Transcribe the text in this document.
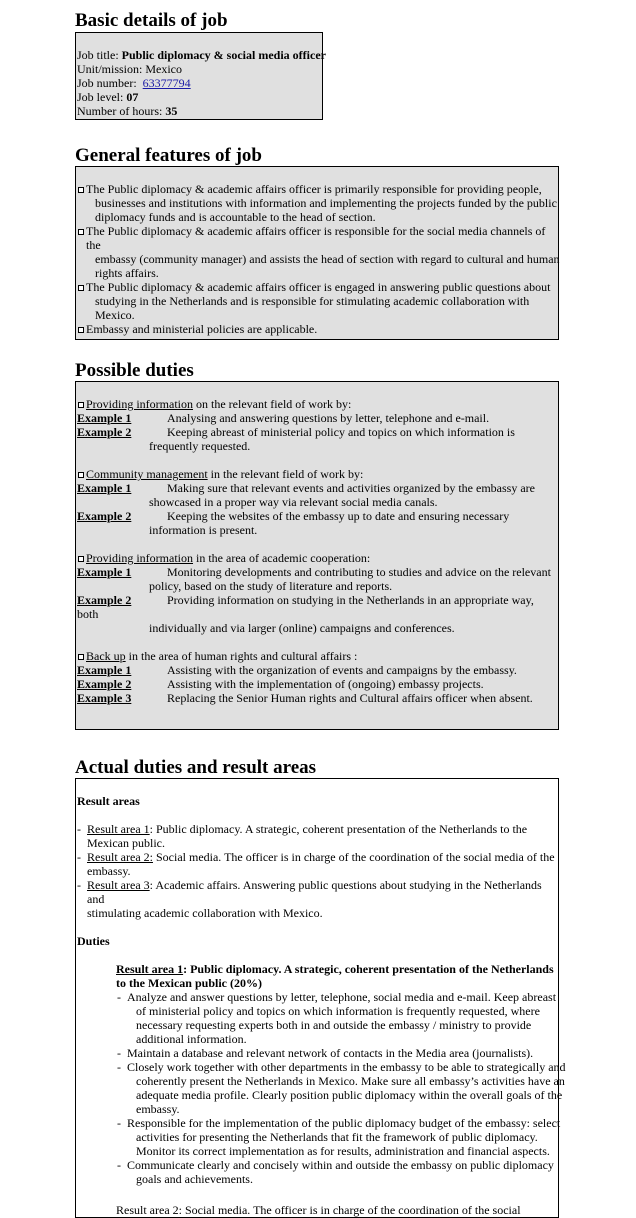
Basic details of job
Job title: Public diplomacy & social media officer
Unit/mission: Mexico
Job number: 63377794
Job level: 07
Number of hours: 35
General features of job
The Public diplomacy & academic affairs officer is primarily responsible for providing people,
businesses and institutions with information and implementing the projects funded by the public
diplomacy funds and is accountable to the head of section.
The Public diplomacy & academic affairs officer is responsible for the social media channels of the
embassy (community manager) and assists the head of section with regard to cultural and human
rights affairs.
The Public diplomacy & academic affairs officer is engaged in answering public questions about
studying in the Netherlands and is responsible for stimulating academic collaboration with
Mexico.
Embassy and ministerial policies are applicable.
Possible duties
Providing information on the relevant field of work by:
Example 1	Analysing and answering questions by letter, telephone and e-mail.
Example 2	Keeping abreast of ministerial policy and topics on which information is
frequently requested.
Community management in the relevant field of work by:
Example 1	Making sure that relevant events and activities organized by the embassy are
showcased in a proper way via relevant social media canals.
Example 2	Keeping the websites of the embassy up to date and ensuring necessary
information is present.
Providing information in the area of academic cooperation:
Example 1	Monitoring developments and contributing to studies and advice on the relevant
policy, based on the study of literature and reports.
Example 2	Providing information on studying in the Netherlands in an appropriate way, both
individually and via larger (online) campaigns and conferences.
Back up in the area of human rights and cultural affairs :
Example 1	Assisting with the organization of events and campaigns by the embassy.
Example 2	Assisting with the implementation of (ongoing) embassy projects.
Example 3	Replacing the Senior Human rights and Cultural affairs officer when absent.
Actual duties and result areas
Result areas
- Result area 1: Public diplomacy. A strategic, coherent presentation of the Netherlands to the
Mexican public.
- Result area 2: Social media. The officer is in charge of the coordination of the social media of the
embassy.
- Result area 3: Academic affairs. Answering public questions about studying in the Netherlands and
stimulating academic collaboration with Mexico.
Duties
Result area 1: Public diplomacy. A strategic, coherent presentation of the Netherlands
to the Mexican public (20%)
- Analyze and answer questions by letter, telephone, social media and e-mail. Keep abreast
of ministerial policy and topics on which information is frequently requested, where
necessary requesting experts both in and outside the embassy / ministry to provide
additional information.
- Maintain a database and relevant network of contacts in the Media area (journalists).
- Closely work together with other departments in the embassy to be able to strategically and
coherently present the Netherlands in Mexico. Make sure all embassy’s activities have an
adequate media profile. Clearly position public diplomacy within the overall goals of the
embassy.
- Responsible for the implementation of the public diplomacy budget of the embassy: select
activities for presenting the Netherlands that fit the framework of public diplomacy.
Monitor its correct implementation as for results, administration and financial aspects.
- Communicate clearly and concisely within and outside the embassy on public diplomacy
goals and achievements.
Result area 2: Social media. The officer is in charge of the coordination of the social
